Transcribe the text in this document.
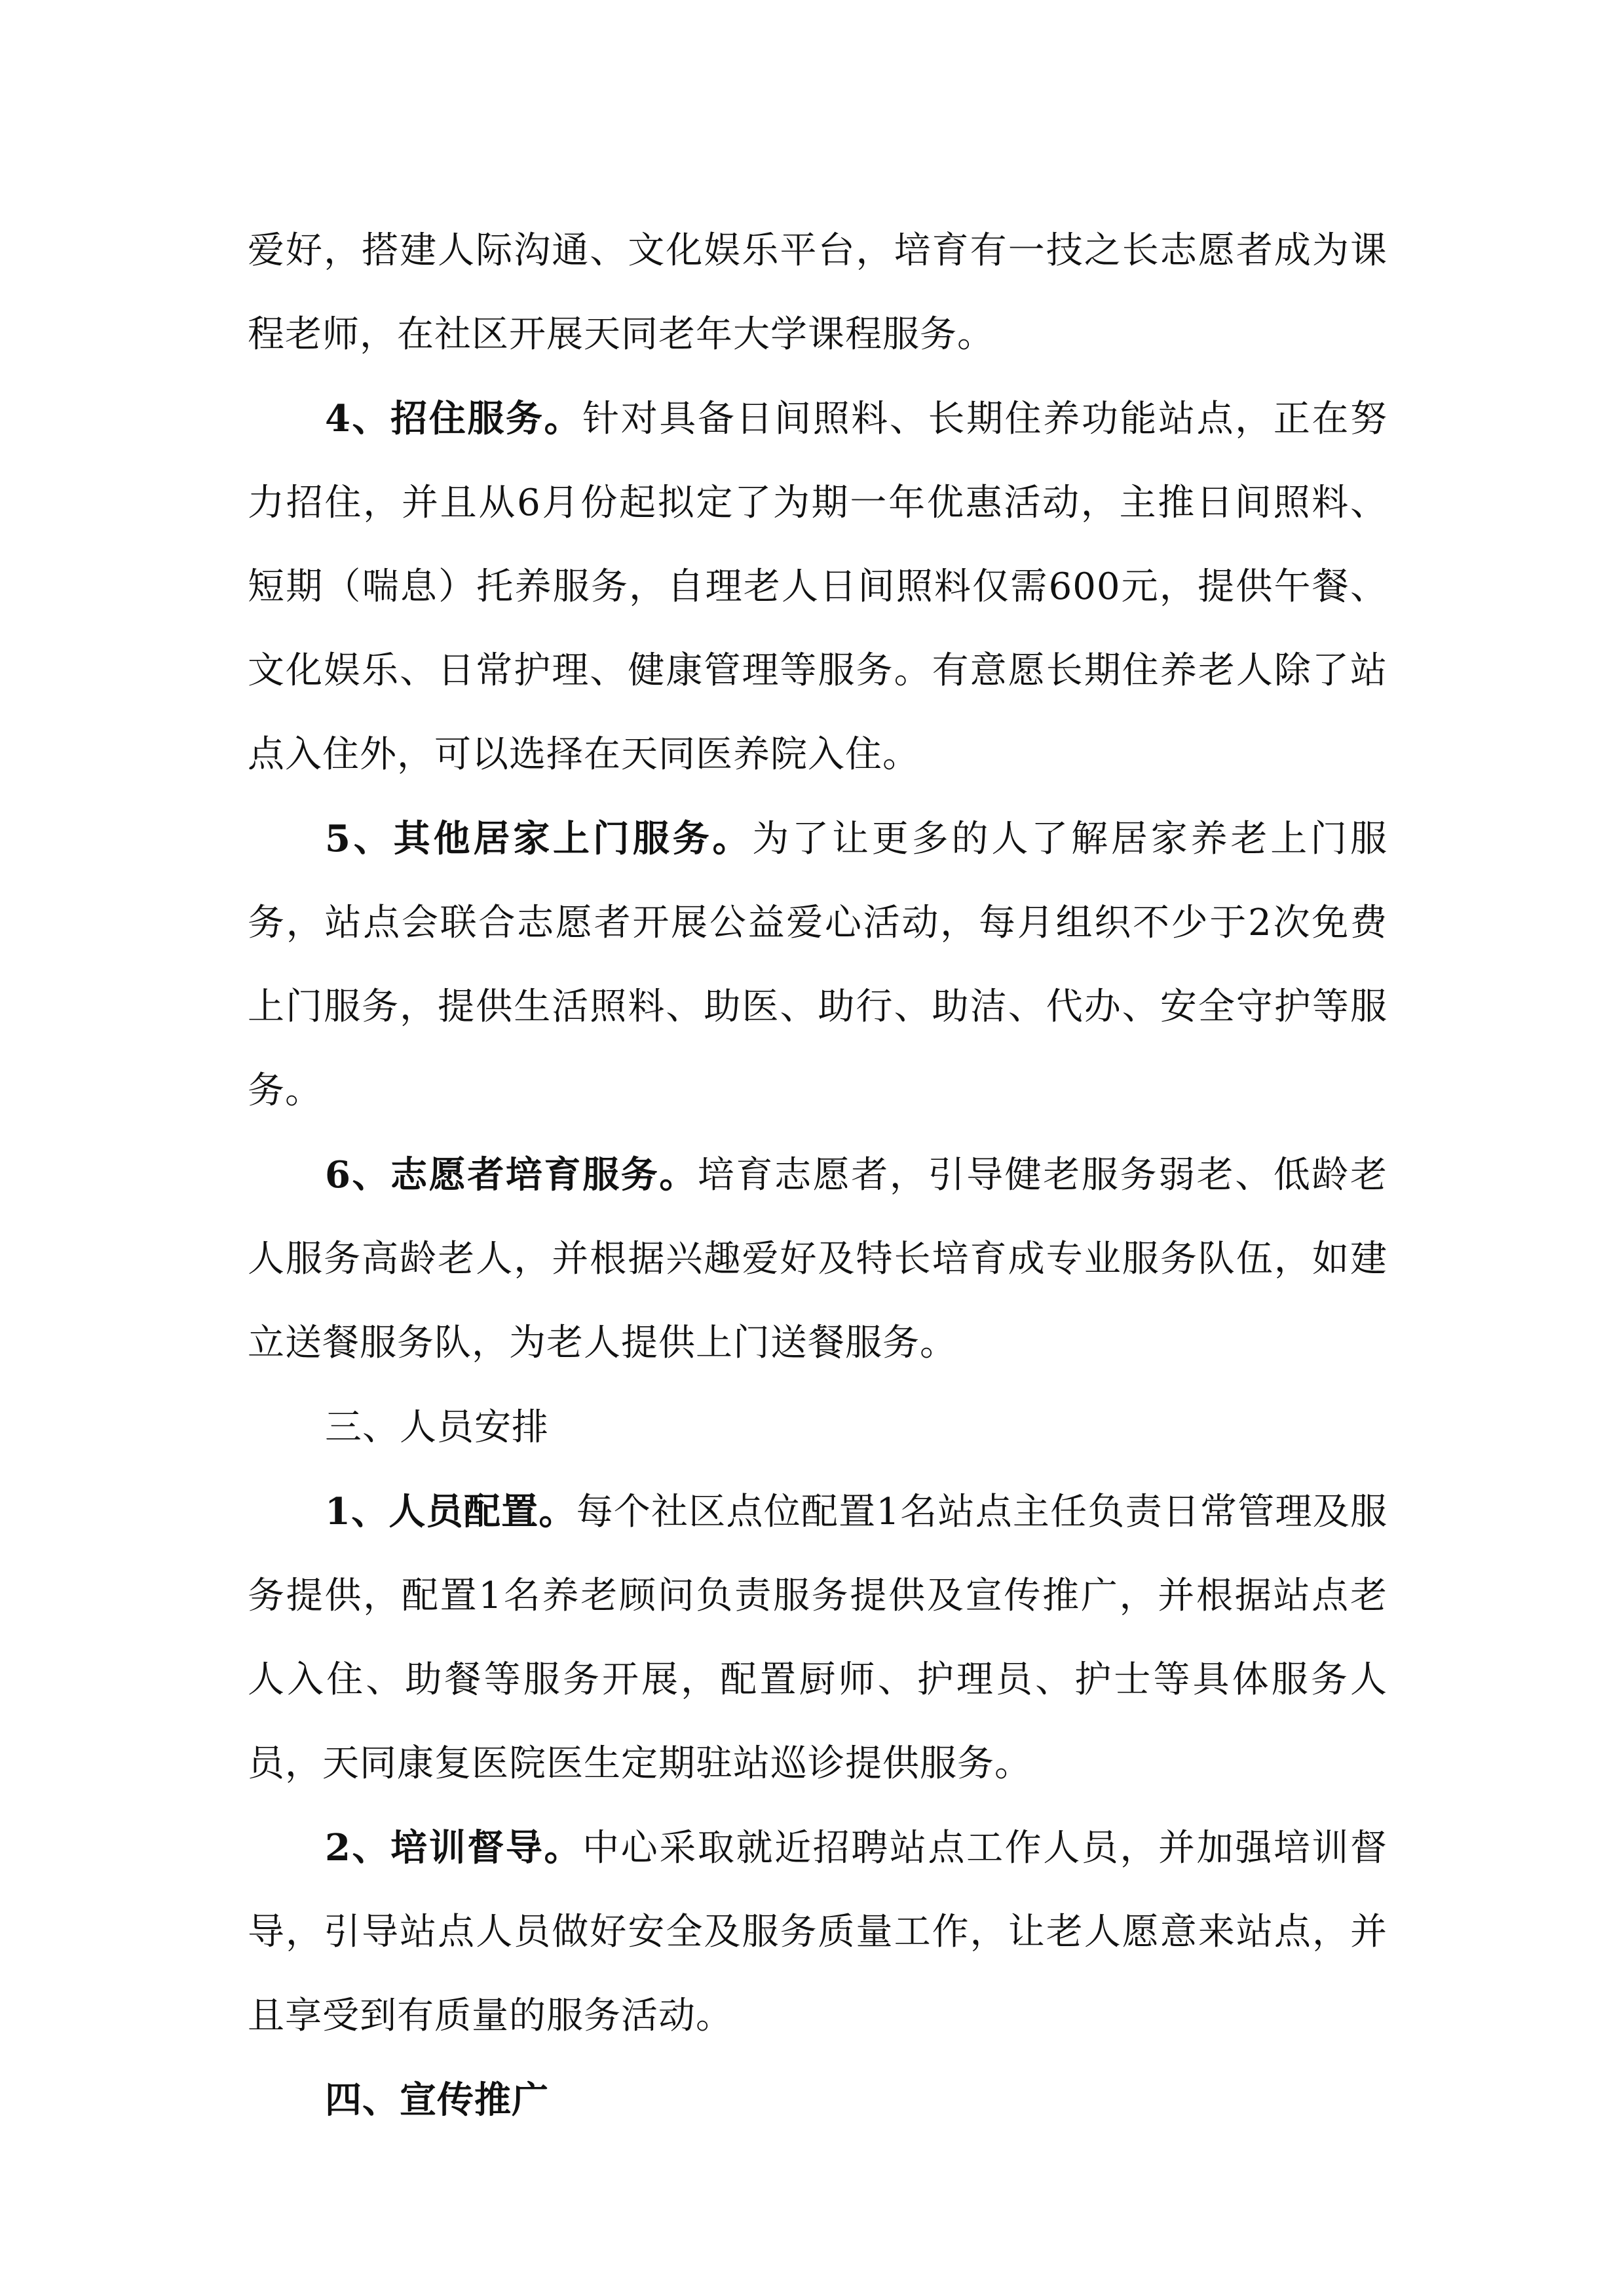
爱好，搭建人际沟通、文化娱乐平台，培育有一技之长志愿者成为课程老师，在社区开展天同老年大学课程服务。

4、招住服务。针对具备日间照料、长期住养功能站点，正在努力招住，并且从6月份起拟定了为期一年优惠活动，主推日间照料、短期（喘息）托养服务，自理老人日间照料仅需600元，提供午餐、文化娱乐、日常护理、健康管理等服务。有意愿长期住养老人除了站点入住外，可以选择在天同医养院入住。

5、其他居家上门服务。为了让更多的人了解居家养老上门服务，站点会联合志愿者开展公益爱心活动，每月组织不少于2次免费上门服务，提供生活照料、助医、助行、助洁、代办、安全守护等服务。

6、志愿者培育服务。培育志愿者，引导健老服务弱老、低龄老人服务高龄老人，并根据兴趣爱好及特长培育成专业服务队伍，如建立送餐服务队，为老人提供上门送餐服务。

三、人员安排

1、人员配置。每个社区点位配置1名站点主任负责日常管理及服务提供，配置1名养老顾问负责服务提供及宣传推广，并根据站点老人入住、助餐等服务开展，配置厨师、护理员、护士等具体服务人员，天同康复医院医生定期驻站巡诊提供服务。

2、培训督导。中心采取就近招聘站点工作人员，并加强培训督导，引导站点人员做好安全及服务质量工作，让老人愿意来站点，并且享受到有质量的服务活动。

四、宣传推广
